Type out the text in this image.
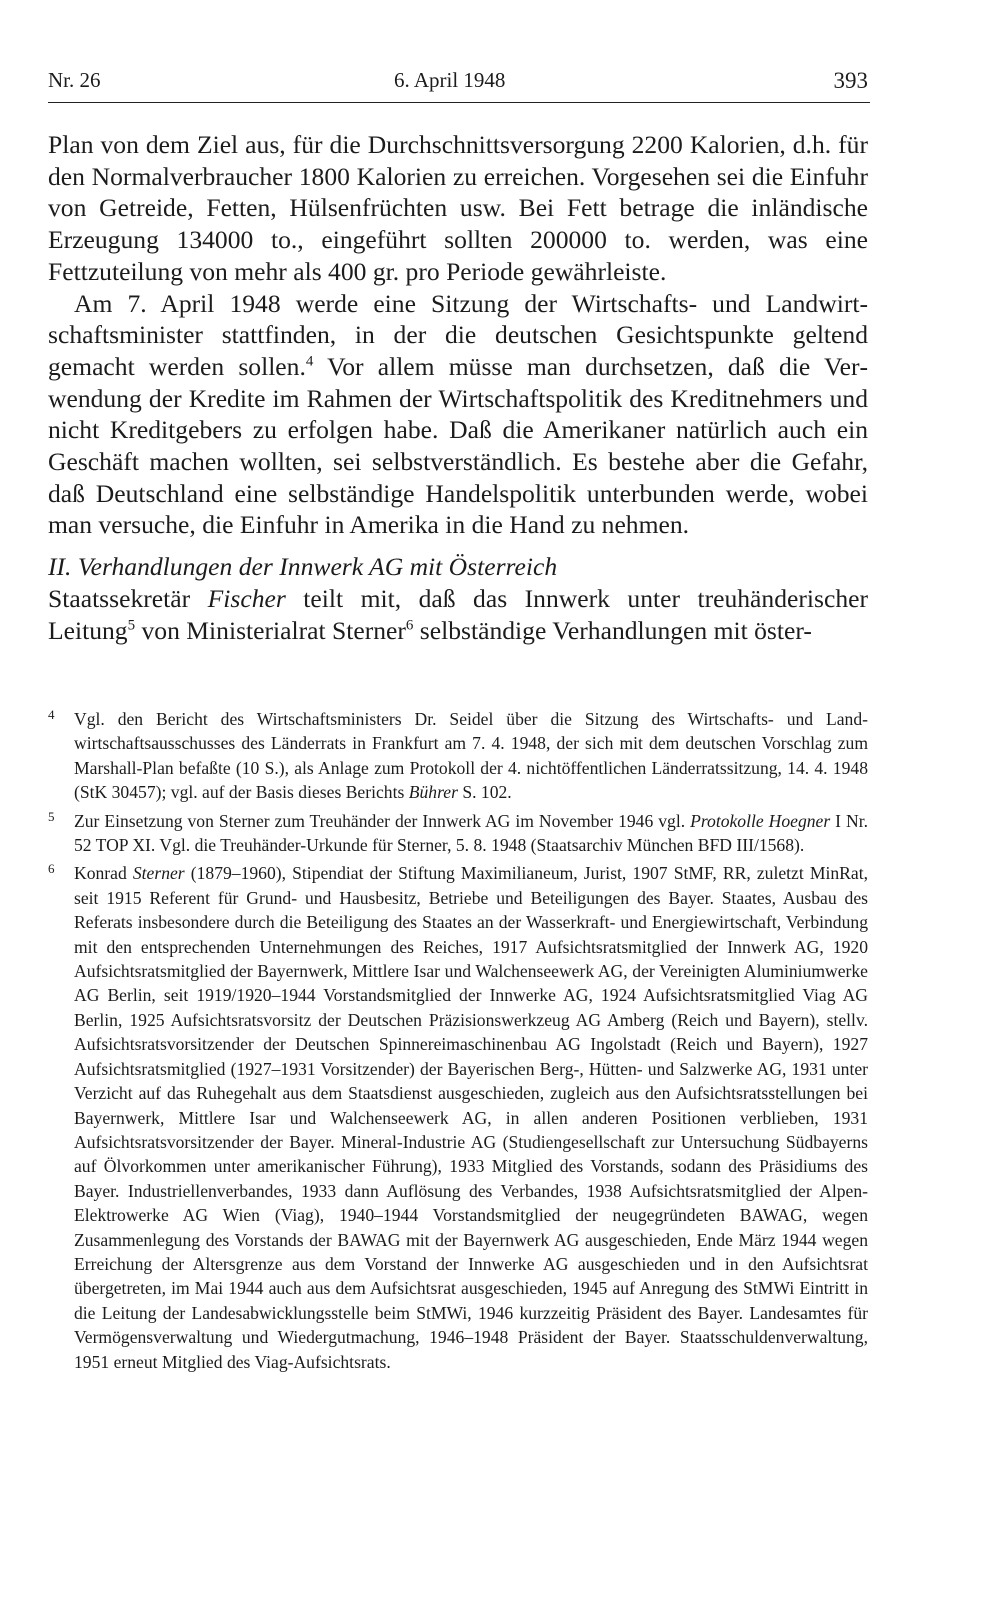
Nr. 26	6. April 1948	393

Plan von dem Ziel aus, für die Durchschnittsversorgung 2200 Kalorien, d.h. für den Normalverbraucher 1800 Kalorien zu erreichen. Vorgesehen sei die Einfuhr von Getreide, Fetten, Hülsenfrüchten usw. Bei Fett betrage die inländische Erzeugung 134000 to., eingeführt sollten 200000 to. werden, was eine Fettzuteilung von mehr als 400 gr. pro Periode gewährleiste.

Am 7. April 1948 werde eine Sitzung der Wirtschafts- und Landwirtschaftsminister stattfinden, in der die deutschen Gesichtspunkte geltend gemacht werden sollen.$^4$ Vor allem müsse man durchsetzen, daß die Verwendung der Kredite im Rahmen der Wirtschaftspolitik des Kreditnehmers und nicht Kreditgebers zu erfolgen habe. Daß die Amerikaner natürlich auch ein Geschäft machen wollten, sei selbstverständlich. Es bestehe aber die Gefahr, daß Deutschland eine selbständige Handelspolitik unterbunden werde, wobei man versuche, die Einfuhr in Amerika in die Hand zu nehmen.

II. Verhandlungen der Innwerk AG mit Österreich

Staatssekretär Fischer teilt mit, daß das Innwerk unter treuhänderischer Leitung$^5$ von Ministerialrat Sterner$^6$ selbständige Verhandlungen mit öster-

4 Vgl. den Bericht des Wirtschaftsministers Dr. Seidel über die Sitzung des Wirtschafts- und Landwirtschaftsausschusses des Länderrats in Frankfurt am 7. 4. 1948, der sich mit dem deutschen Vorschlag zum Marshall-Plan befaßte (10 S.), als Anlage zum Protokoll der 4. nichtöffentlichen Länderratssitzung, 14. 4. 1948 (StK 30457); vgl. auf der Basis dieses Berichts Bührer S. 102.
5 Zur Einsetzung von Sterner zum Treuhänder der Innwerk AG im November 1946 vgl. Protokolle Hoegner I Nr. 52 TOP XI. Vgl. die Treuhänder-Urkunde für Sterner, 5. 8. 1948 (Staatsarchiv München BFD III/1568).
6 Konrad Sterner (1879–1960), Stipendiat der Stiftung Maximilianeum, Jurist, 1907 StMF, RR, zuletzt MinRat, seit 1915 Referent für Grund- und Hausbesitz, Betriebe und Beteiligungen des Bayer. Staates, Ausbau des Referats insbesondere durch die Beteiligung des Staates an der Wasserkraft- und Energiewirtschaft, Verbindung mit den entsprechenden Unternehmungen des Reiches, 1917 Aufsichtsratsmitglied der Innwerk AG, 1920 Aufsichtsratsmitglied der Bayernwerk, Mittlere Isar und Walchenseewerk AG, der Vereinigten Aluminiumwerke AG Berlin, seit 1919/1920–1944 Vorstandsmitglied der Innwerke AG, 1924 Aufsichtsratsmitglied Viag AG Berlin, 1925 Aufsichtsratsvorsitz der Deutschen Präzisionswerkzeug AG Amberg (Reich und Bayern), stellv. Aufsichtsratsvorsitzender der Deutschen Spinnereimaschinenbau AG Ingolstadt (Reich und Bayern), 1927 Aufsichtsratsmitglied (1927–1931 Vorsitzender) der Bayerischen Berg-, Hütten- und Salzwerke AG, 1931 unter Verzicht auf das Ruhegehalt aus dem Staatsdienst ausgeschieden, zugleich aus den Aufsichtsratsstellungen bei Bayernwerk, Mittlere Isar und Walchenseewerk AG, in allen anderen Positionen verblieben, 1931 Aufsichtsratsvorsitzender der Bayer. Mineral-Industrie AG (Studiengesellschaft zur Untersuchung Südbayerns auf Ölvorkommen unter amerikanischer Führung), 1933 Mitglied des Vorstands, sodann des Präsidiums des Bayer. Industriellenverbandes, 1933 dann Auflösung des Verbandes, 1938 Aufsichtsratsmitglied der Alpen-Elektrowerke AG Wien (Viag), 1940–1944 Vorstandsmitglied der neugegründeten BAWAG, wegen Zusammenlegung des Vorstands der BAWAG mit der Bayernwerk AG ausgeschieden, Ende März 1944 wegen Erreichung der Altersgrenze aus dem Vorstand der Innwerke AG ausgeschieden und in den Aufsichtsrat übergetreten, im Mai 1944 auch aus dem Aufsichtsrat ausgeschieden, 1945 auf Anregung des StMWi Eintritt in die Leitung der Landesabwicklungsstelle beim StMWi, 1946 kurzzeitig Präsident des Bayer. Landesamtes für Vermögensverwaltung und Wiedergutmachung, 1946–1948 Präsident der Bayer. Staatsschuldenverwaltung, 1951 erneut Mitglied des Viag-Aufsichtsrats.
